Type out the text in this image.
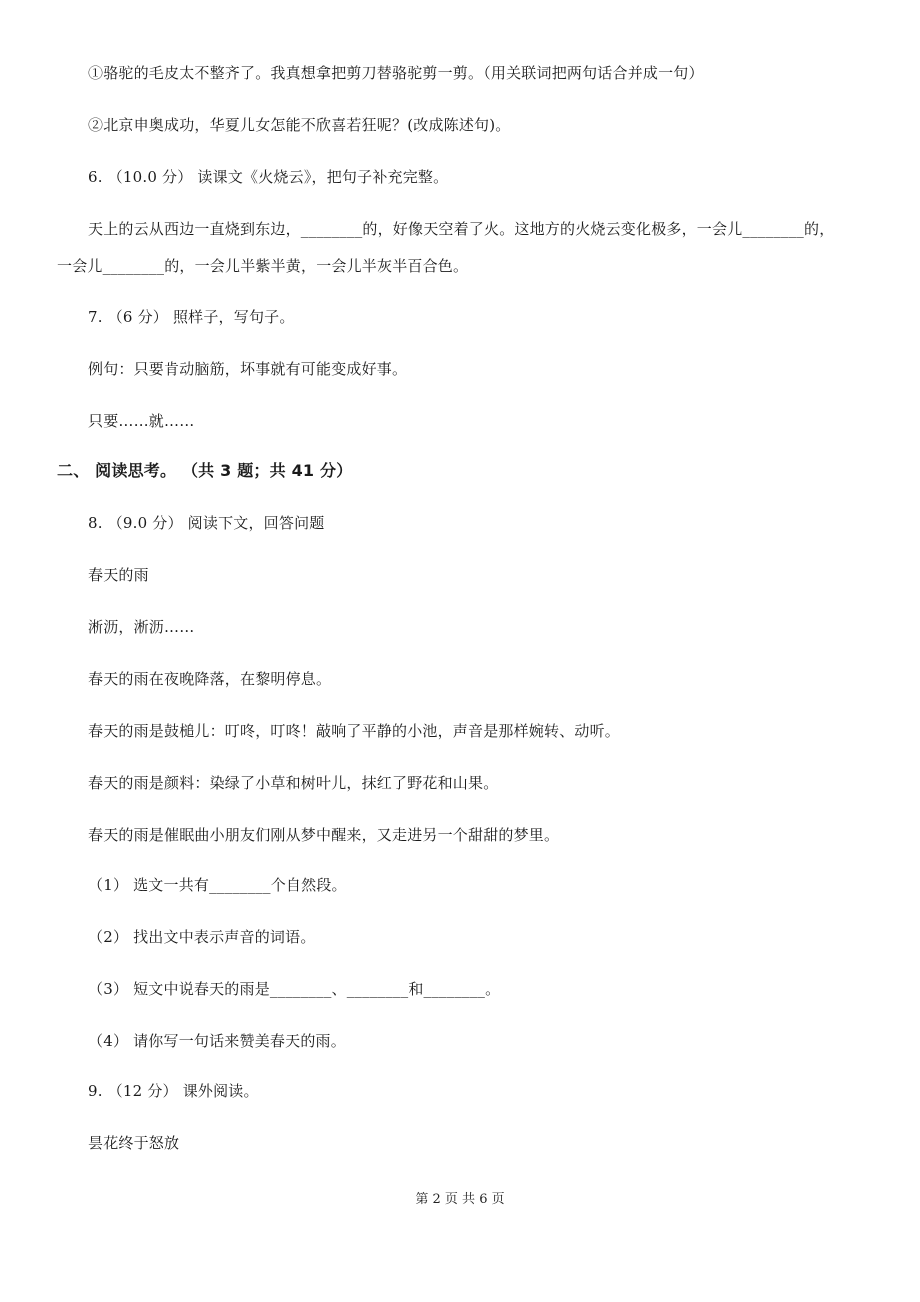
①骆驼的毛皮太不整齐了。我真想拿把剪刀替骆驼剪一剪。（用关联词把两句话合并成一句）
②北京申奥成功，华夏儿女怎能不欣喜若狂呢？(改成陈述句)。
6. （10.0 分） 读课文《火烧云》，把句子补充完整。
天上的云从西边一直烧到东边，________的，好像天空着了火。这地方的火烧云变化极多，一会儿________的，
一会儿________的，一会儿半紫半黄，一会儿半灰半百合色。
7. （6 分） 照样子，写句子。
例句：只要肯动脑筋，坏事就有可能变成好事。
只要……就……
二、 阅读思考。 （共 3 题；共 41 分）
8. （9.0 分） 阅读下文，回答问题
春天的雨
淅沥，淅沥……
春天的雨在夜晚降落，在黎明停息。
春天的雨是鼓槌儿：叮咚，叮咚！敲响了平静的小池，声音是那样婉转、动听。
春天的雨是颜料：染绿了小草和树叶儿，抹红了野花和山果。
春天的雨是催眠曲小朋友们刚从梦中醒来，又走进另一个甜甜的梦里。
（1） 选文一共有________个自然段。
（2） 找出文中表示声音的词语。
（3） 短文中说春天的雨是________、________和________。
（4） 请你写一句话来赞美春天的雨。
9. （12 分） 课外阅读。
昙花终于怒放
第 2 页 共 6 页
